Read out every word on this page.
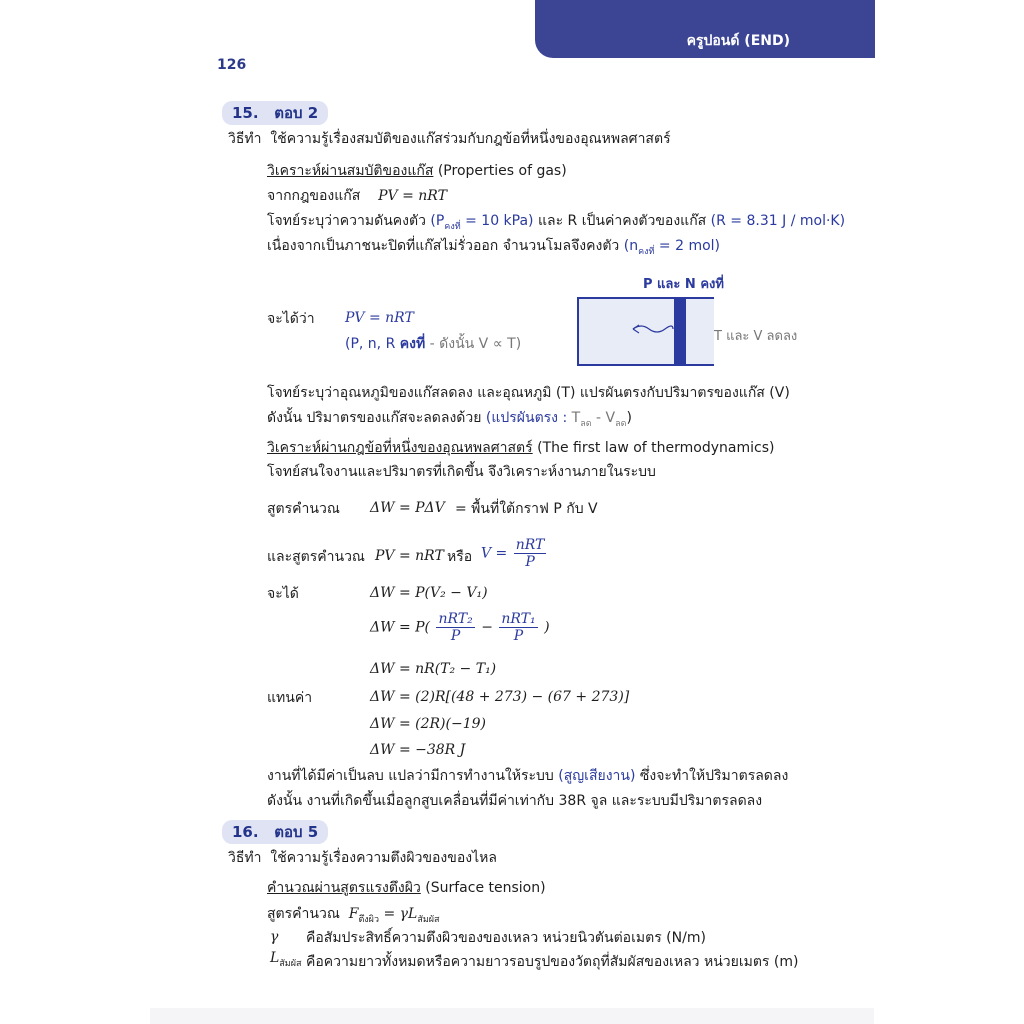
ครูปอนด์ (END)
126
15. ตอบ 2
วิธีทำ ใช้ความรู้เรื่องสมบัติของแก๊สร่วมกับกฎข้อที่หนึ่งของอุณหพลศาสตร์
วิเคราะห์ผ่านสมบัติของแก๊ส (Properties of gas)
จากกฎของแก๊ส PV = nRT
โจทย์ระบุว่าความดันคงตัว ($P_{คงที่} = 10$ kPa) และ R เป็นค่าคงตัวของแก๊ส (R = 8.31 J / mol·K)
เนื่องจากเป็นภาชนะปิดที่แก๊สไม่รั่วออก จำนวนโมลจึงคงตัว ($n_{คงที่} = 2$ mol)
P และ N คงที่
T และ V ลดลง
จะได้ว่า PV = nRT
(P, n, R คงที่ - ดังนั้น V ∝ T)
โจทย์ระบุว่าอุณหภูมิของแก๊สลดลง และอุณหภูมิ (T) แปรผันตรงกับปริมาตรของแก๊ส (V)
ดังนั้น ปริมาตรของแก๊สจะลดลงด้วย (แปรผันตรง : $T_{ลด} - V_{ลด}$)
วิเคราะห์ผ่านกฎข้อที่หนึ่งของอุณหพลศาสตร์ (The first law of thermodynamics)
โจทย์สนใจงานและปริมาตรที่เกิดขึ้น จึงวิเคราะห์งานภายในระบบ
สูตรคำนวณ ΔW = PΔV = พื้นที่ใต้กราฟ P กับ V
และสูตรคำนวณ PV = nRT หรือ $V = \frac{\text{nRT}}{P}$
จะได้	ΔW = P(V₂ − V₁)
$\Delta W = P( \frac{\text{nRT₂}}{P} - \frac{\text{nRT₁}}{P}$ )
ΔW = nR(T₂ − T₁)
แทนค่า	ΔW = (2)R[(48 + 273) − (67 + 273)]
ΔW = (2R)(−19)
ΔW = −38R J
งานที่ได้มีค่าเป็นลบ แปลว่ามีการทำงานให้ระบบ (สูญเสียงาน) ซึ่งจะทำให้ปริมาตรลดลง
ดังนั้น งานที่เกิดขึ้นเมื่อลูกสูบเคลื่อนที่มีค่าเท่ากับ 38R จูล และระบบมีปริมาตรลดลง
16. ตอบ 5
วิธีทำ ใช้ความรู้เรื่องความตึงผิวของของไหล
คำนวณผ่านสูตรแรงตึงผิว (Surface tension)
สูตรคำนวณ $F_{ตึงผิว} = \gamma L_{สัมผัส}$
γ คือสัมประสิทธิ์ความตึงผิวของของเหลว หน่วยนิวตันต่อเมตร (N/m)
$L_{สัมผัส}$ คือความยาวทั้งหมดหรือความยาวรอบรูปของวัตถุที่สัมผัสของเหลว หน่วยเมตร (m)
